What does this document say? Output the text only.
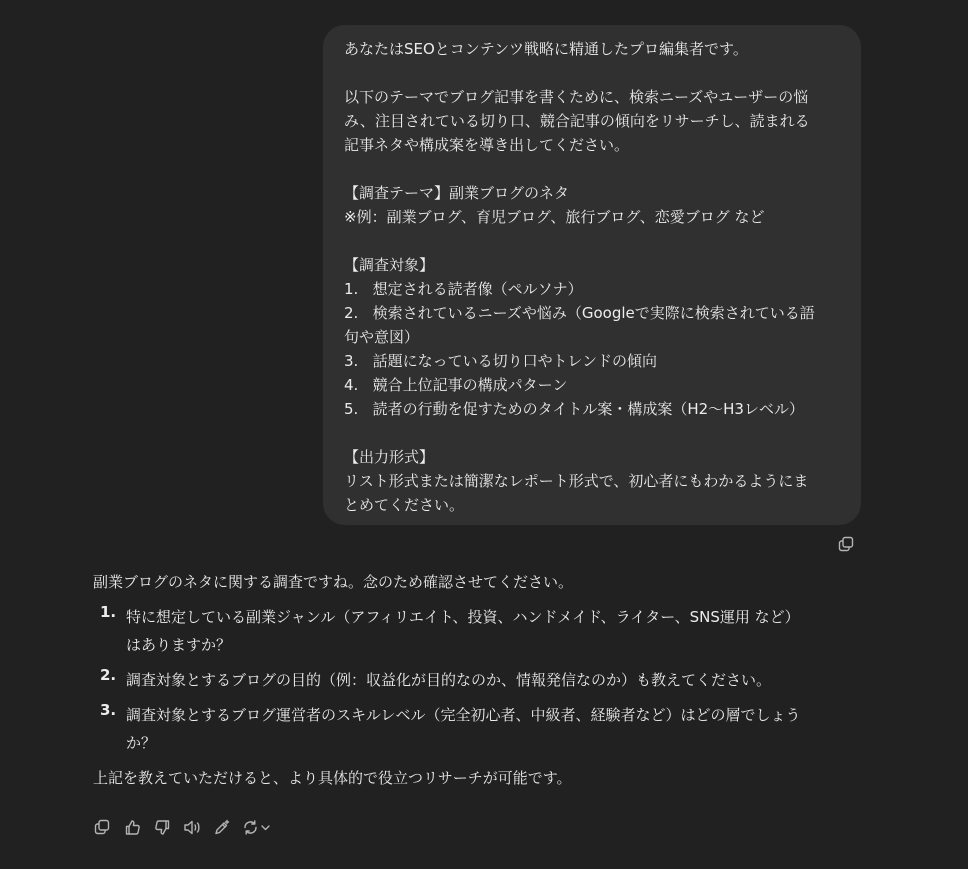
あなたはSEOとコンテンツ戦略に精通したプロ編集者です。
以下のテーマでブログ記事を書くために、検索ニーズやユーザーの悩
み、注目されている切り口、競合記事の傾向をリサーチし、読まれる
記事ネタや構成案を導き出してください。
【調査テーマ】副業ブログのネタ
※例：副業ブログ、育児ブログ、旅行ブログ、恋愛ブログ など
【調査対象】
1.   想定される読者像（ペルソナ）
2.   検索されているニーズや悩み（Googleで実際に検索されている語
句や意図）
3.   話題になっている切り口やトレンドの傾向
4.   競合上位記事の構成パターン
5.   読者の行動を促すためのタイトル案・構成案（H2〜H3レベル）
【出力形式】
リスト形式または簡潔なレポート形式で、初心者にもわかるようにま
とめてください。
副業ブログのネタに関する調査ですね。念のため確認させてください。
1. 特に想定している副業ジャンル（アフィリエイト、投資、ハンドメイド、ライター、SNS運用 など）
はありますか？
2. 調査対象とするブログの目的（例：収益化が目的なのか、情報発信なのか）も教えてください。
3. 調査対象とするブログ運営者のスキルレベル（完全初心者、中級者、経験者など）はどの層でしょう
か？
上記を教えていただけると、より具体的で役立つリサーチが可能です。
